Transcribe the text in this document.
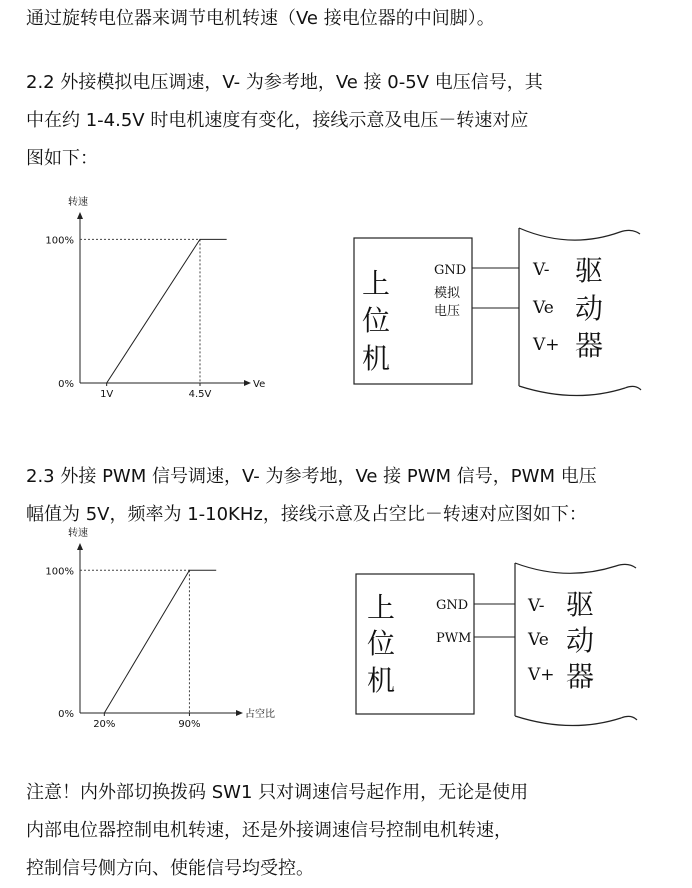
通过旋转电位器来调节电机转速（Ve 接电位器的中间脚）。
2.2 外接模拟电压调速，V- 为参考地，Ve 接 0-5V 电压信号，其
中在约 1-4.5V 时电机速度有变化，接线示意及电压－转速对应
图如下：
2.3 外接 PWM 信号调速，V- 为参考地，Ve 接 PWM 信号，PWM 电压
幅值为 5V，频率为 1-10KHz，接线示意及占空比－转速对应图如下：
注意！内外部切换拨码 SW1 只对调速信号起作用，无论是使用
内部电位器控制电机转速，还是外接调速信号控制电机转速，
控制信号侧方向、使能信号均受控。
转速
Ve
0%
100%
1V	4.5V
转速
占空比
0%
100%
20%	90%
上
位
机
GND
模拟
电压
V-
Ve
V+
驱
动
器
上
位
机
GND
PWM
V-
Ve
V+
驱
动
器
